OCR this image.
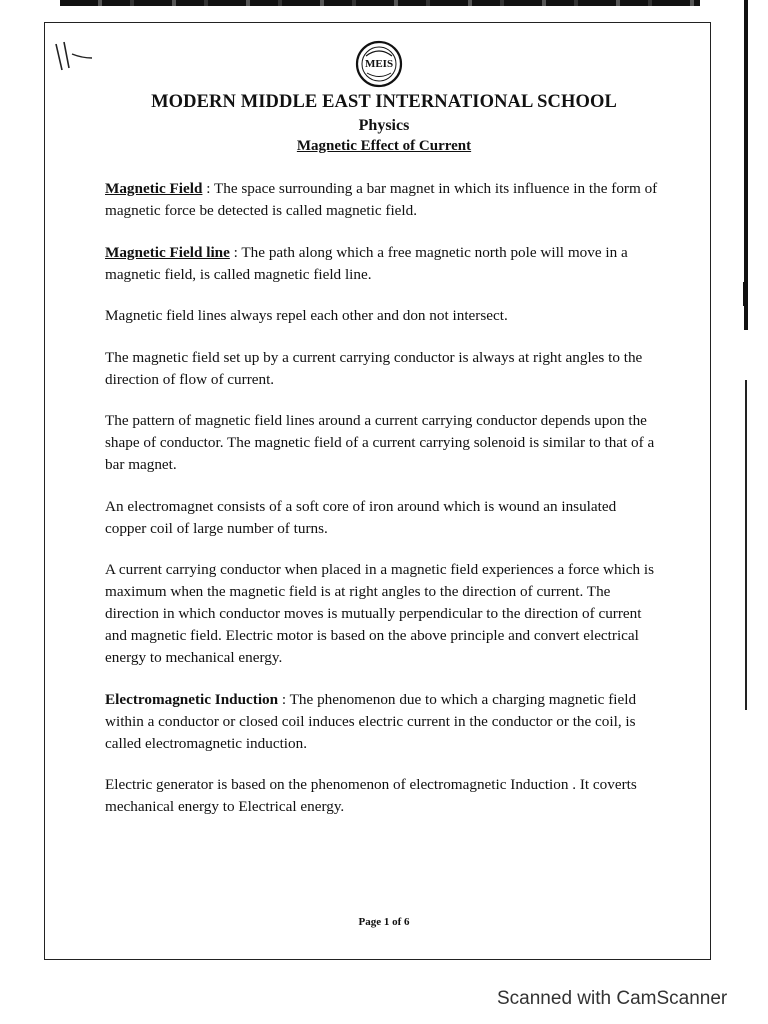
MEIS
MODERN MIDDLE EAST INTERNATIONAL SCHOOL
Physics
Magnetic Effect of Current

Magnetic Field : The space surrounding a bar magnet in which its influence in the form of magnetic force be detected is called magnetic field.

Magnetic Field line : The path along which a free magnetic north pole will move in a magnetic field, is called magnetic field line.

Magnetic field lines always repel each other and don not intersect.

The magnetic field set up by a current carrying conductor is always at right angles to the direction of flow of current.

The pattern of magnetic field lines around a current carrying conductor depends upon the shape of conductor. The magnetic field of a current carrying solenoid is similar to that of a bar magnet.

An electromagnet consists of a soft core of iron around which is wound an insulated copper coil of large number of turns.

A current carrying conductor when placed in a magnetic field experiences a force which is maximum when the magnetic field is at right angles to the direction of current. The direction in which conductor moves is mutually perpendicular to the direction of current and magnetic field. Electric motor is based on the above principle and convert electrical energy to mechanical energy.

Electromagnetic Induction : The phenomenon due to which a charging magnetic field within a conductor or closed coil induces electric current in the conductor or the coil, is called electromagnetic induction.

Electric generator is based on the phenomenon of electromagnetic Induction . It coverts mechanical energy to Electrical energy.

Page 1 of 6
Scanned with CamScanner
